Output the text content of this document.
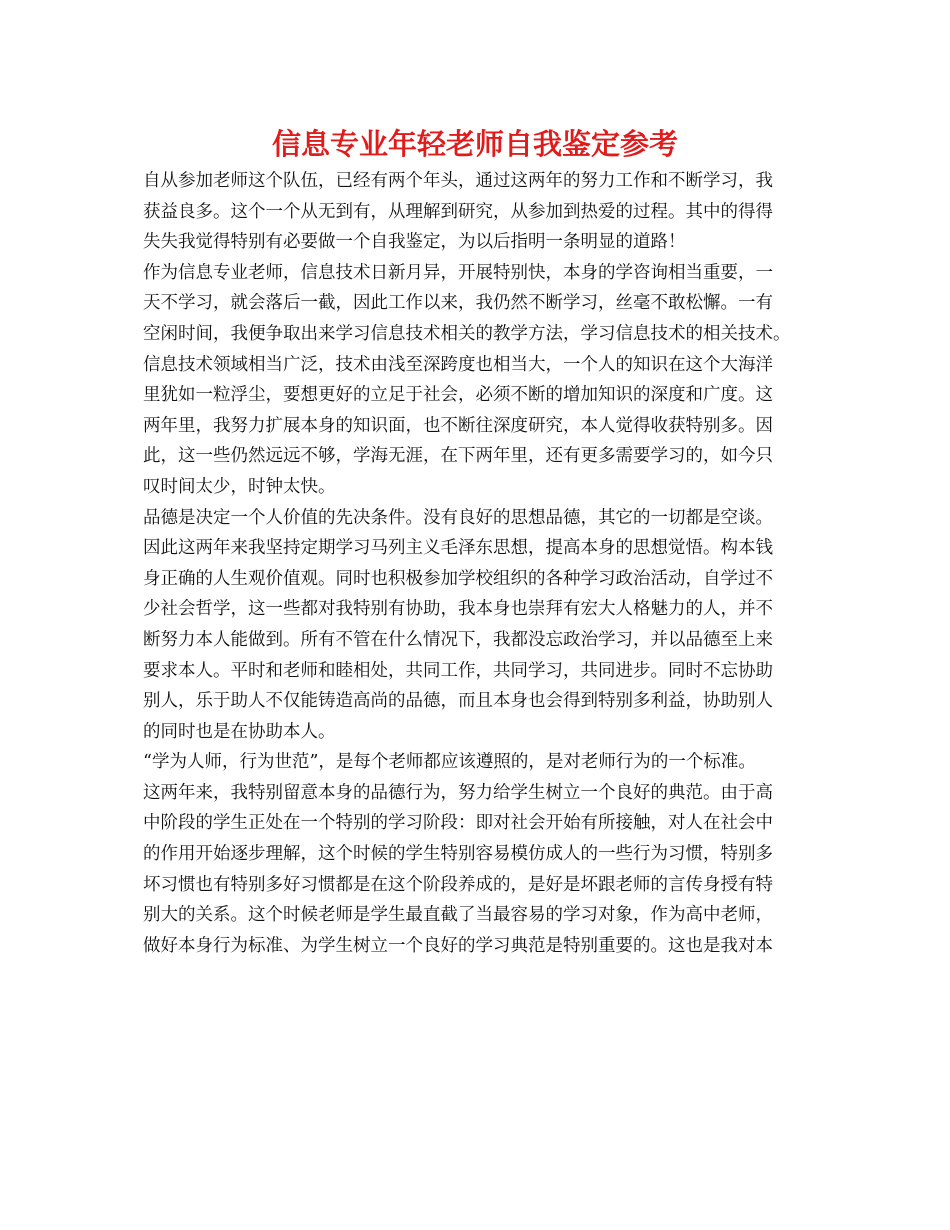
信息专业年轻老师自我鉴定参考
自从参加老师这个队伍，已经有两个年头，通过这两年的努力工作和不断学习，我
获益良多。这个一个从无到有，从理解到研究，从参加到热爱的过程。其中的得得
失失我觉得特别有必要做一个自我鉴定，为以后指明一条明显的道路！
作为信息专业老师，信息技术日新月异，开展特别快，本身的学咨询相当重要，一
天不学习，就会落后一截，因此工作以来，我仍然不断学习，丝毫不敢松懈。一有
空闲时间，我便争取出来学习信息技术相关的教学方法，学习信息技术的相关技术。
信息技术领域相当广泛，技术由浅至深跨度也相当大，一个人的知识在这个大海洋
里犹如一粒浮尘，要想更好的立足于社会，必须不断的增加知识的深度和广度。这
两年里，我努力扩展本身的知识面，也不断往深度研究，本人觉得收获特别多。因
此，这一些仍然远远不够，学海无涯，在下两年里，还有更多需要学习的，如今只
叹时间太少，时钟太快。
品德是决定一个人价值的先决条件。没有良好的思想品德，其它的一切都是空谈。
因此这两年来我坚持定期学习马列主义毛泽东思想，提高本身的思想觉悟。构本钱
身正确的人生观价值观。同时也积极参加学校组织的各种学习政治活动，自学过不
少社会哲学，这一些都对我特别有协助，我本身也崇拜有宏大人格魅力的人，并不
断努力本人能做到。所有不管在什么情况下，我都没忘政治学习，并以品德至上来
要求本人。平时和老师和睦相处，共同工作，共同学习，共同进步。同时不忘协助
别人，乐于助人不仅能铸造高尚的品德，而且本身也会得到特别多利益，协助别人
的同时也是在协助本人。
“学为人师，行为世范”，是每个老师都应该遵照的，是对老师行为的一个标准。
这两年来，我特别留意本身的品德行为，努力给学生树立一个良好的典范。由于高
中阶段的学生正处在一个特别的学习阶段：即对社会开始有所接触，对人在社会中
的作用开始逐步理解，这个时候的学生特别容易模仿成人的一些行为习惯，特别多
坏习惯也有特别多好习惯都是在这个阶段养成的，是好是坏跟老师的言传身授有特
别大的关系。这个时候老师是学生最直截了当最容易的学习对象，作为高中老师，
做好本身行为标准、为学生树立一个良好的学习典范是特别重要的。这也是我对本
